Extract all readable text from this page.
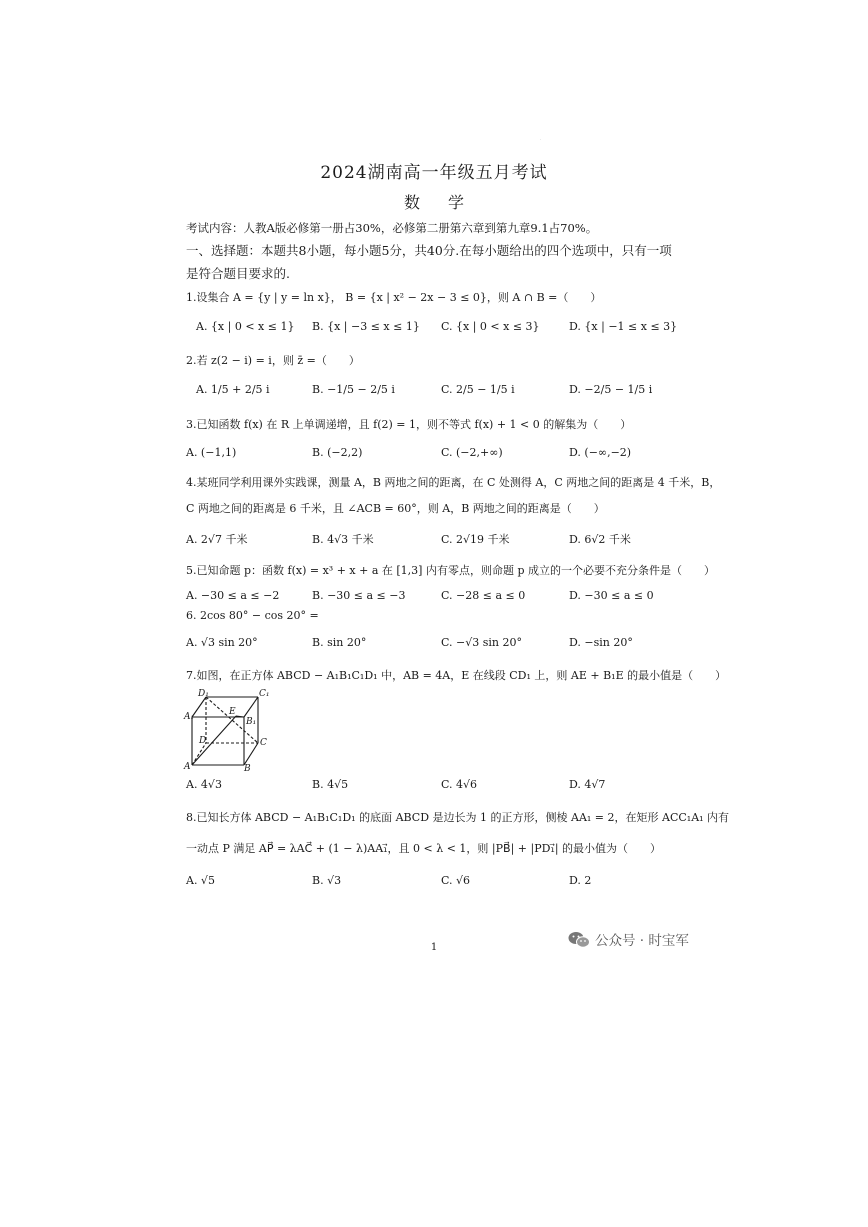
·
2024湖南高一年级五月考试
数学
考试内容：人教A版必修第一册占30%，必修第二册第六章到第九章9.1占70%。
一、选择题：本题共8小题，每小题5分，共40分.在每小题给出的四个选项中，只有一项
是符合题目要求的.
1.设集合 A = {y | y = ln x}， B = {x | x² − 2x − 3 ≤ 0}，则 A ∩ B =（　　）
A. {x | 0 < x ≤ 1} B. {x | −3 ≤ x ≤ 1} C. {x | 0 < x ≤ 3}	D. {x | −1 ≤ x ≤ 3}
2.若 z(2 − i) = i，则 z̄ =（　　）
A. 1/5 + 2/5 i	B. −1/5 − 2/5 i	C. 2/5 − 1/5 i	D. −2/5 − 1/5 i
3.已知函数 f(x) 在 R 上单调递增，且 f(2) = 1，则不等式 f(x) + 1 < 0 的解集为（　　）
A. (−1,1)	B. (−2,2)	C. (−2,+∞)	D. (−∞,−2)
4.某班同学利用课外实践课，测量 A，B 两地之间的距离，在 C 处测得 A，C 两地之间的距离是 4 千米，B，
C 两地之间的距离是 6 千米，且 ∠ACB = 60°，则 A，B 两地之间的距离是（　　）
A. 2√7 千米	B. 4√3 千米	C. 2√19 千米	D. 6√2 千米
5.已知命题 p：函数 f(x) = x³ + x + a 在 [1,3] 内有零点，则命题 p 成立的一个必要不充分条件是（　　）
A. −30 ≤ a ≤ −2	B. −30 ≤ a ≤ −3	C. −28 ≤ a ≤ 0	D. −30 ≤ a ≤ 0
6. 2cos 80° − cos 20° =
A. √3 sin 20°	B. sin 20°	C. −√3 sin 20°	D. −sin 20°
7.如图，在正方体 ABCD − A₁B₁C₁D₁ 中，AB = 4A，E 在线段 CD₁ 上，则 AE + B₁E 的最小值是（　　）
D₁	C₁
A₁	E
B₁
D	C
A	B
A. 4√3	B. 4√5	C. 4√6	D. 4√7
8.已知长方体 ABCD − A₁B₁C₁D₁ 的底面 ABCD 是边长为 1 的正方形，侧棱 AA₁ = 2，在矩形 ACC₁A₁ 内有
一动点 P 满足 AP⃗ = λAC⃗ + (1 − λ)AA₁⃗，且 0 < λ < 1，则 |PB⃗| + |PD₁⃗| 的最小值为（　　）
A. √5	B. √3	C. √6	D. 2
公众号 · 时宝军
1
